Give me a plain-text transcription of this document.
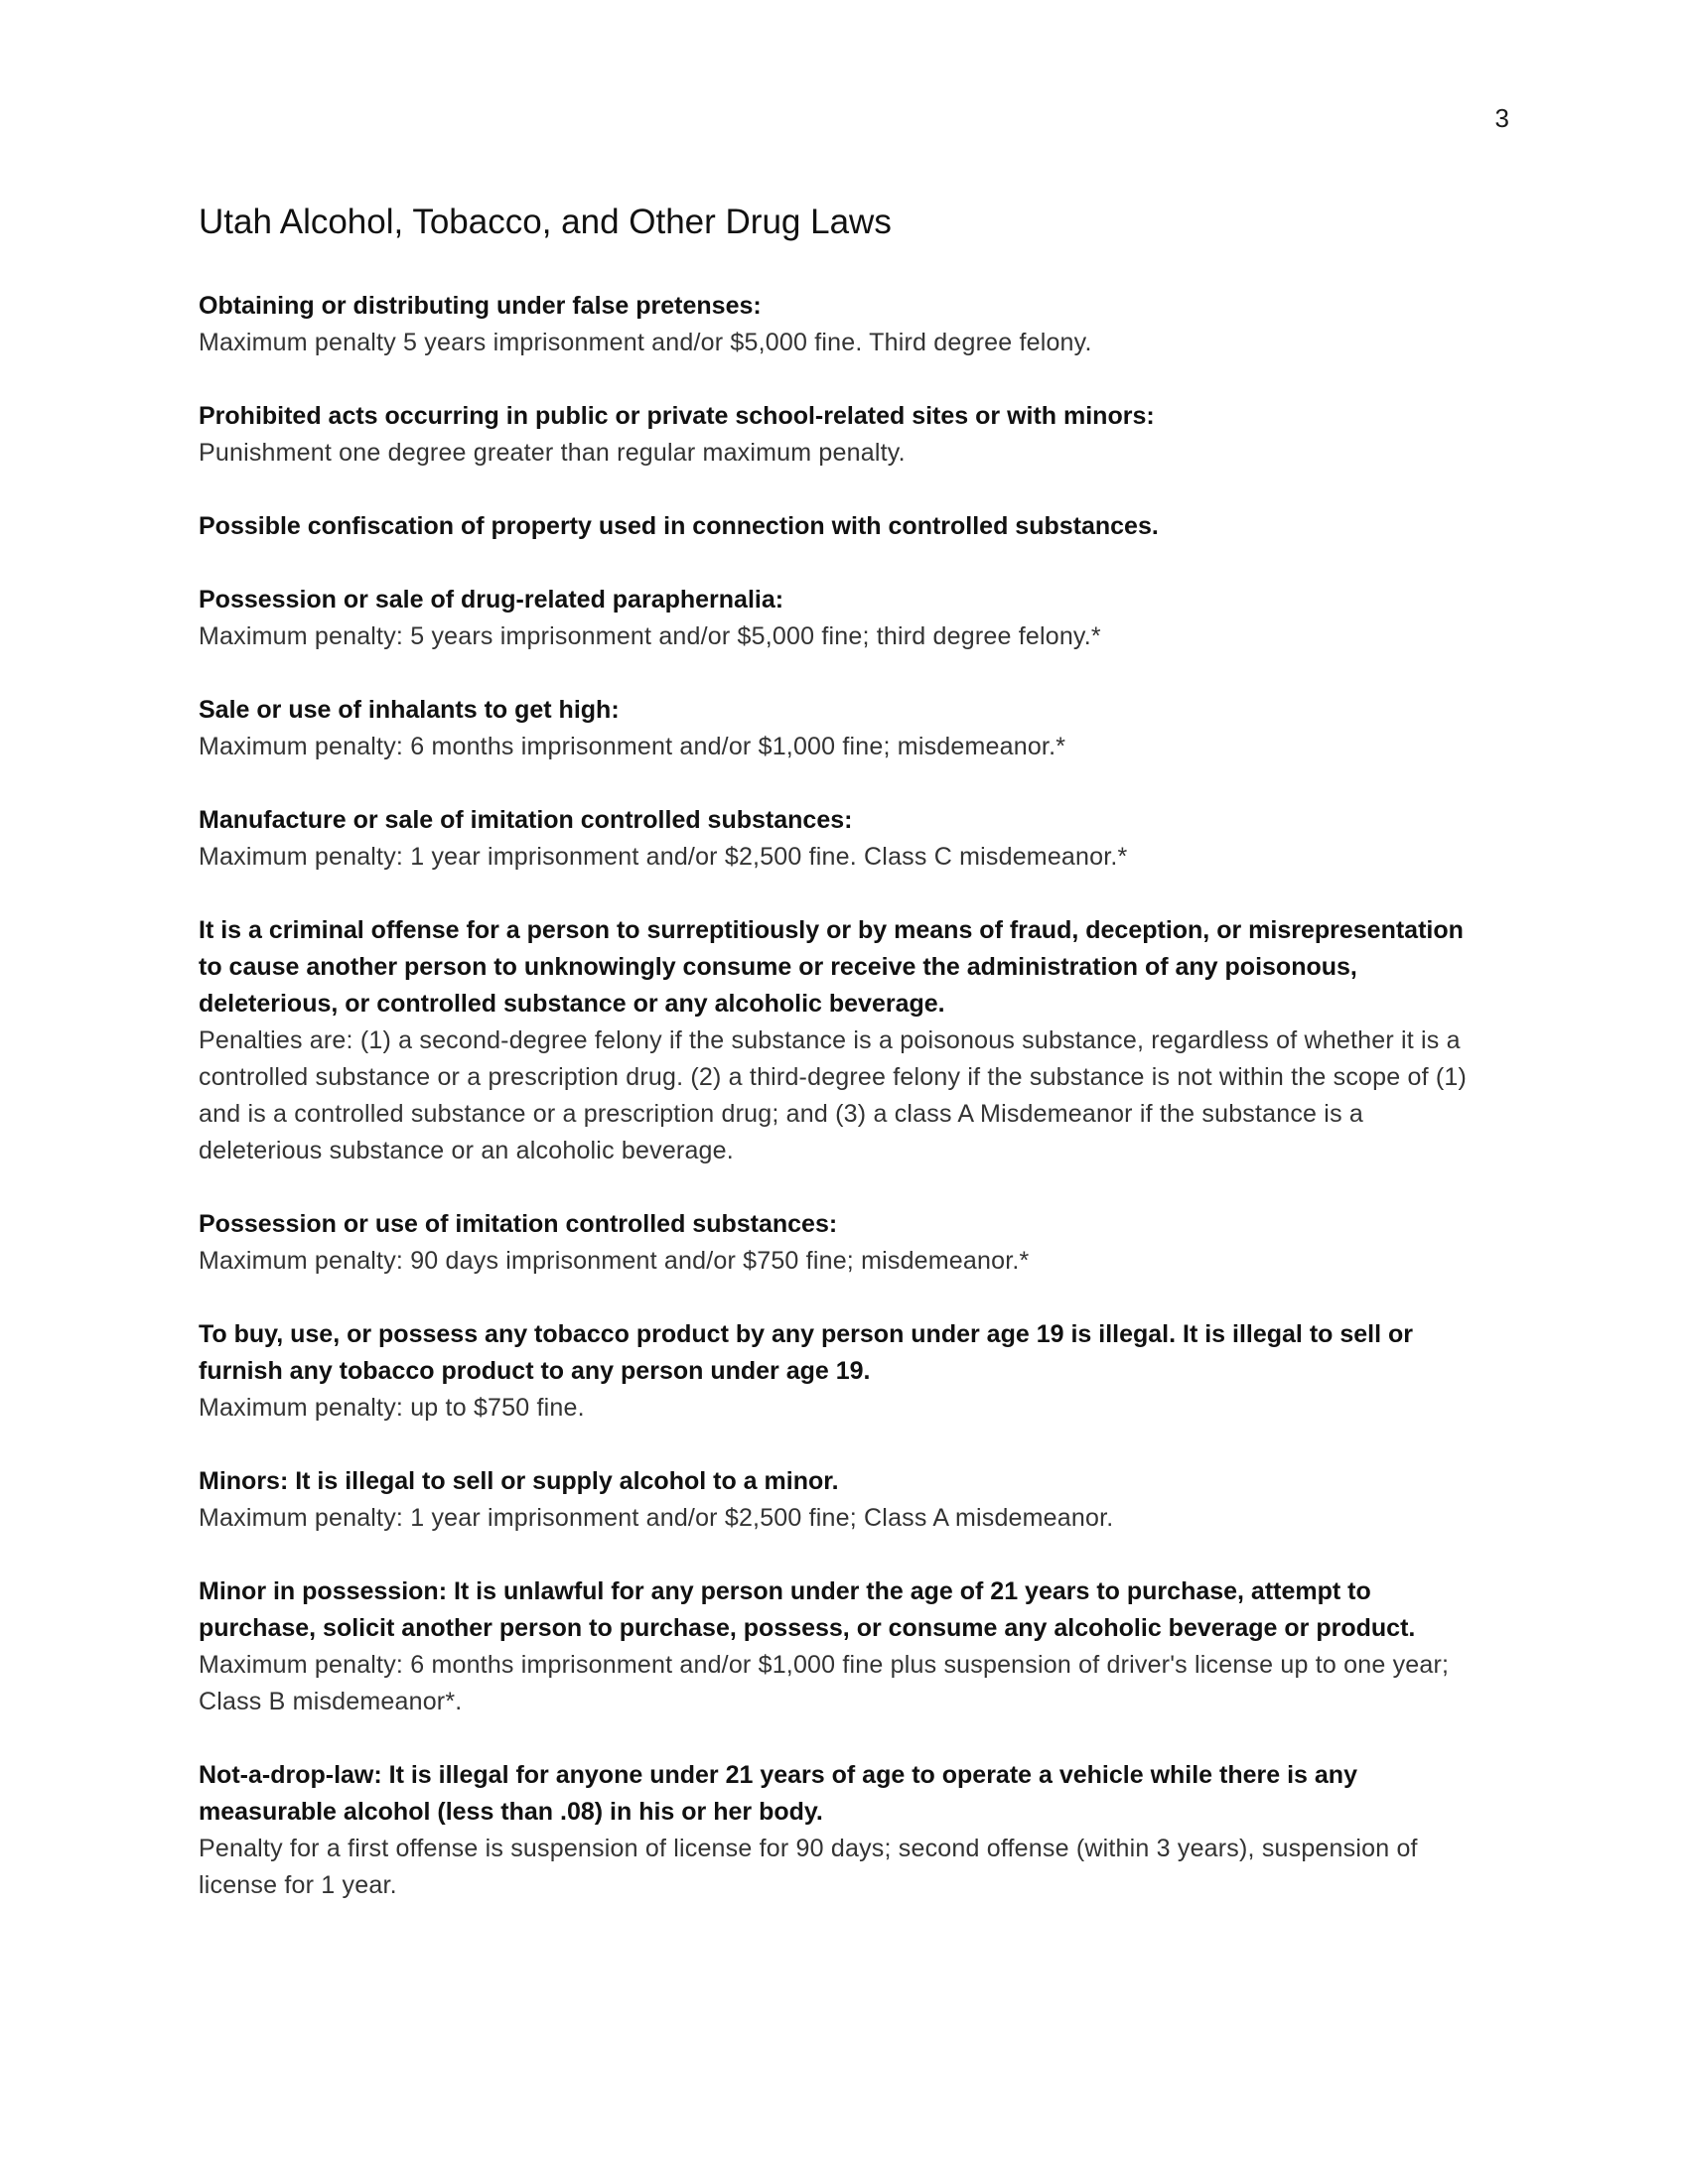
3
Utah Alcohol, Tobacco, and Other Drug Laws

Obtaining or distributing under false pretenses:

Maximum penalty 5 years imprisonment and/or $5,000 fine. Third degree felony.

Prohibited acts occurring in public or private school-related sites or with minors:

Punishment one degree greater than regular maximum penalty.

Possible confiscation of property used in connection with controlled substances.

Possession or sale of drug-related paraphernalia:

Maximum penalty: 5 years imprisonment and/or $5,000 fine; third degree felony.*

Sale or use of inhalants to get high:

Maximum penalty: 6 months imprisonment and/or $1,000 fine; misdemeanor.*

Manufacture or sale of imitation controlled substances:

Maximum penalty: 1 year imprisonment and/or $2,500 fine. Class C misdemeanor.*

It is a criminal offense for a person to surreptitiously or by means of fraud, deception, or misrepresentation to cause another person to unknowingly consume or receive the administration of any poisonous, deleterious, or controlled substance or any alcoholic beverage.

Penalties are: (1) a second-degree felony if the substance is a poisonous substance, regardless of whether it is a controlled substance or a prescription drug. (2) a third-degree felony if the substance is not within the scope of (1) and is a controlled substance or a prescription drug; and (3) a class A Misdemeanor if the substance is a deleterious substance or an alcoholic beverage.

Possession or use of imitation controlled substances:

Maximum penalty: 90 days imprisonment and/or $750 fine; misdemeanor.*

To buy, use, or possess any tobacco product by any person under age 19 is illegal. It is illegal to sell or furnish any tobacco product to any person under age 19.

Maximum penalty: up to $750 fine.

Minors: It is illegal to sell or supply alcohol to a minor.

Maximum penalty: 1 year imprisonment and/or $2,500 fine; Class A misdemeanor.

Minor in possession: It is unlawful for any person under the age of 21 years to purchase, attempt to purchase, solicit another person to purchase, possess, or consume any alcoholic beverage or product.

Maximum penalty: 6 months imprisonment and/or $1,000 fine plus suspension of driver's license up to one year; Class B misdemeanor*.

Not-a-drop-law: It is illegal for anyone under 21 years of age to operate a vehicle while there is any measurable alcohol (less than .08) in his or her body.

Penalty for a first offense is suspension of license for 90 days; second offense (within 3 years), suspension of license for 1 year.
